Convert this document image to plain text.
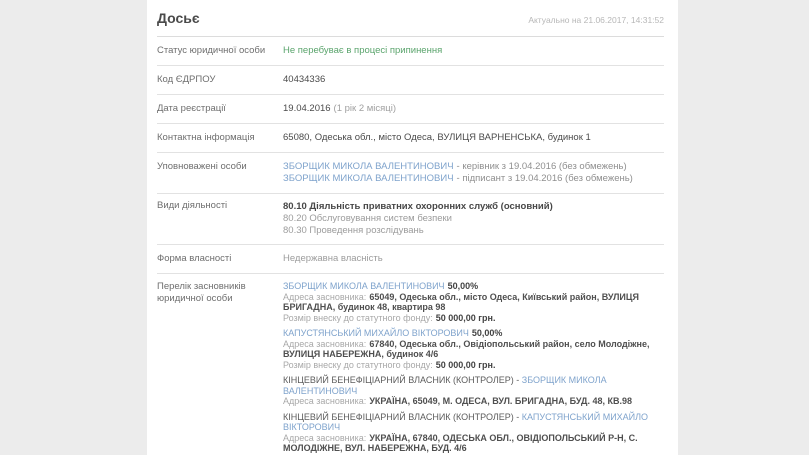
Досьє	Актуально на 21.06.2017, 14:31:52
Статус юридичної особи	Не перебуває в процесі припинення
Код ЄДРПОУ	40434336
Дата реєстрації	19.04.2016 (1 рік 2 місяці)
Контактна інформація	65080, Одеська обл., місто Одеса, ВУЛИЦЯ ВАРНЕНСЬКА, будинок 1
Уповноважені особи	ЗБОРЩИК МИКОЛА ВАЛЕНТИНОВИЧ - керівник з 19.04.2016 (без обмежень)
ЗБОРЩИК МИКОЛА ВАЛЕНТИНОВИЧ - підписант з 19.04.2016 (без обмежень)
Види діяльності	80.10 Діяльність приватних охоронних служб (основний)
80.20 Обслуговування систем безпеки
80.30 Проведення розслідувань
Форма власності	Недержавна власність
Перелік засновників юридичної особи
ЗБОРЩИК МИКОЛА ВАЛЕНТИНОВИЧ 50,00%
Адреса засновника: 65049, Одеська обл., місто Одеса, Київський район, ВУЛИЦЯ БРИГАДНА, будинок 48, квартира 98
Розмір внеску до статутного фонду: 50 000,00 грн.
КАПУСТЯНСЬКИЙ МИХАЙЛО ВІКТОРОВИЧ 50,00%
Адреса засновника: 67840, Одеська обл., Овідіопольський район, село Молодіжне, ВУЛИЦЯ НАБЕРЕЖНА, будинок 4/6
Розмір внеску до статутного фонду: 50 000,00 грн.
КІНЦЕВИЙ БЕНЕФІЦІАРНИЙ ВЛАСНИК (КОНТРОЛЕР) - ЗБОРЩИК МИКОЛА ВАЛЕНТИНОВИЧ
Адреса засновника: УКРАЇНА, 65049, М. ОДЕСА, ВУЛ. БРИГАДНА, БУД. 48, КВ.98
КІНЦЕВИЙ БЕНЕФІЦІАРНИЙ ВЛАСНИК (КОНТРОЛЕР) - КАПУСТЯНСЬКИЙ МИХАЙЛО ВІКТОРОВИЧ
Адреса засновника: УКРАЇНА, 67840, ОДЕСЬКА ОБЛ., ОВІДІОПОЛЬСЬКИЙ Р-Н, С. МОЛОДІЖНЕ, ВУЛ. НАБЕРЕЖНА, БУД. 4/6
